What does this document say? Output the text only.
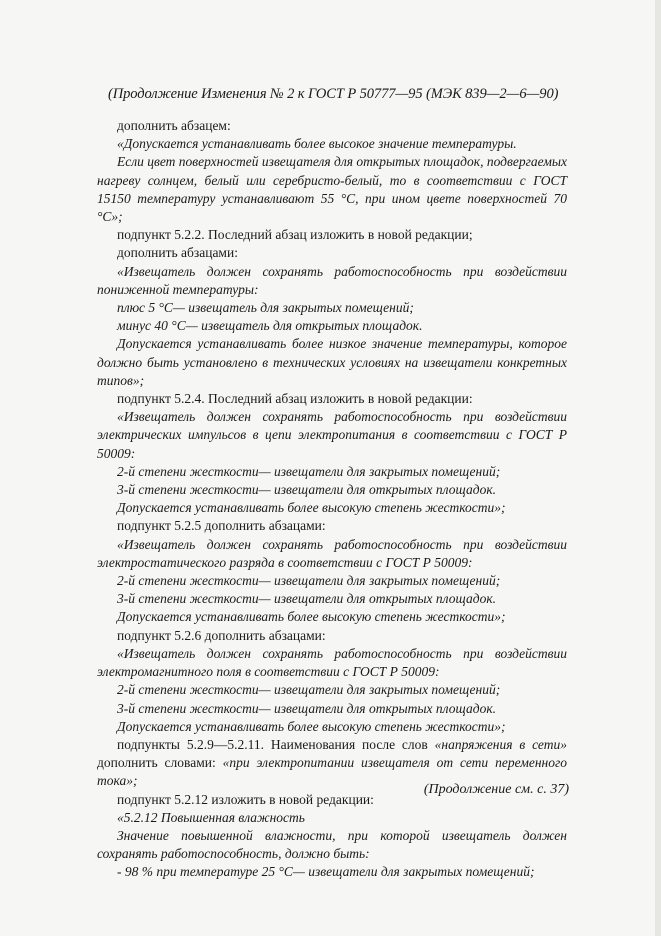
(Продолжение Изменения № 2 к ГОСТ Р 50777—95 (МЭК 839—2—6—90)

дополнить абзацем:

«Допускается устанавливать более высокое значение температуры.

Если цвет поверхностей извещателя для открытых площадок, подвергаемых нагреву солнцем, белый или серебристо-белый, то в соответствии с ГОСТ 15150 температуру устанавливают 55 °С, при ином цвете поверхностей 70 °С»;

подпункт 5.2.2. Последний абзац изложить в новой редакции;

дополнить абзацами:

«Извещатель должен сохранять работоспособность при воздействии пониженной температуры:

плюс 5 °С— извещатель для закрытых помещений;

минус 40 °С— извещатель для открытых площадок.

Допускается устанавливать более низкое значение температуры, которое должно быть установлено в технических условиях на извещатели конкретных типов»;

подпункт 5.2.4. Последний абзац изложить в новой редакции:

«Извещатель должен сохранять работоспособность при воздействии электрических импульсов в цепи электропитания в соответствии с ГОСТ Р 50009:

2-й степени жесткости— извещатели для закрытых помещений;

3-й степени жесткости— извещатели для открытых площадок.

Допускается устанавливать более высокую степень жесткости»;

подпункт 5.2.5 дополнить абзацами:

«Извещатель должен сохранять работоспособность при воздействии электростатического разряда в соответствии с ГОСТ Р 50009:

2-й степени жесткости— извещатели для закрытых помещений;

3-й степени жесткости— извещатели для открытых площадок.

Допускается устанавливать более высокую степень жесткости»;

подпункт 5.2.6 дополнить абзацами:

«Извещатель должен сохранять работоспособность при воздействии электромагнитного поля в соответствии с ГОСТ Р 50009:

2-й степени жесткости— извещатели для закрытых помещений;

3-й степени жесткости— извещатели для открытых площадок.

Допускается устанавливать более высокую степень жесткости»;

подпункты 5.2.9—5.2.11. Наименования после слов «напряжения в сети» дополнить словами: «при электропитании извещателя от сети переменного тока»;

подпункт 5.2.12 изложить в новой редакции:

«5.2.12 Повышенная влажность

Значение повышенной влажности, при которой извещатель должен сохранять работоспособность, должно быть:

- 98 % при температуре 25 °С— извещатели для закрытых помещений;

(Продолжение см. с. 37)
